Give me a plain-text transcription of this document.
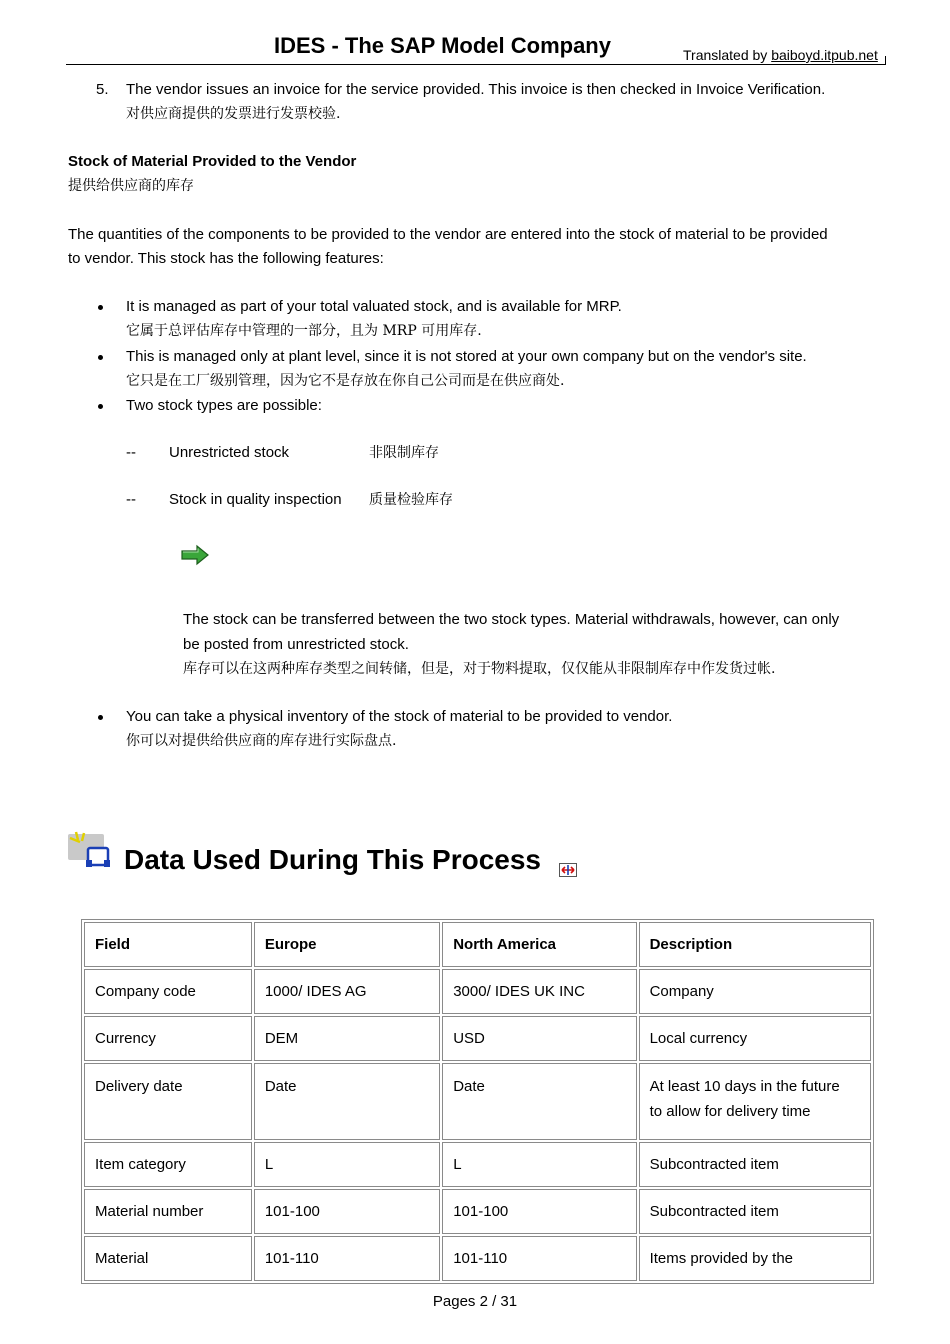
IDES - The SAP Model Company	Translated by baiboyd.itpub.net
5. The vendor issues an invoice for the service provided. This invoice is then checked in Invoice Verification.
对供应商提供的发票进行发票校验.
Stock of Material Provided to the Vendor
提供给供应商的库存
The quantities of the components to be provided to the vendor are entered into the stock of material to be provided
to vendor. This stock has the following features:
It is managed as part of your total valuated stock, and is available for MRP.
它属于总评估库存中管理的一部分，且为 MRP 可用库存.
This is managed only at plant level, since it is not stored at your own company but on the vendor's site.
它只是在工厂级别管理，因为它不是存放在你自己公司而是在供应商处.
Two stock types are possible:
-- Unrestricted stock	非限制库存
-- Stock in quality inspection 质量检验库存
The stock can be transferred between the two stock types. Material withdrawals, however, can only
be posted from unrestricted stock.
库存可以在这两种库存类型之间转储，但是，对于物料提取，仅仅能从非限制库存中作发货过帐.
You can take a physical inventory of the stock of material to be provided to vendor.
你可以对提供给供应商的库存进行实际盘点.
Data Used During This Process
Field	Europe	North America	Description
Company code	1000/ IDES AG	3000/ IDES UK INC	Company
Currency	DEM	USD	Local currency
Delivery date	Date	Date	At least 10 days in the future
to allow for delivery time

Item category	L	L	Subcontracted item
Material number	101-100	101-100	Subcontracted item
Material	101-110	101-110	Items provided by the
Pages 2 / 31
